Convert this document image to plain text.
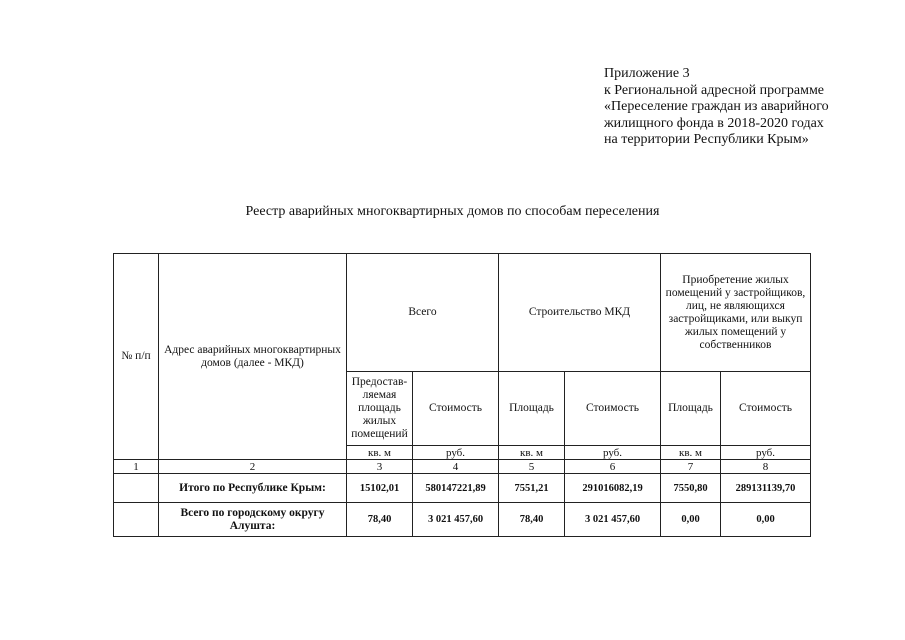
Приложение 3
к Региональной адресной программе
«Переселение граждан из аварийного
жилищного фонда в 2018-2020 годах
на территории Республики Крым»
Реестр аварийных многоквартирных домов по способам переселения
№ п/п	Адрес аварийных многоквартирных домов (далее - МКД)	Всего		Строительство МКД		Приобретение жилых помещений у застройщиков, лиц, не являющихся застройщиками, или выкуп жилых помещений у собственников	
		Предостав-ляемая площадь жилых помещений	Стоимость	Площадь	Стоимость	Площадь	Стоимость
		кв. м	руб.	кв. м	руб.	кв. м	руб.
1	2	3	4	5	6	7	8
	Итого по Республике Крым:	15102,01	580147221,89	7551,21	291016082,19	7550,80	289131139,70
	Всего по городскому округу Алушта:	78,40	3 021 457,60	78,40	3 021 457,60	0,00	0,00
